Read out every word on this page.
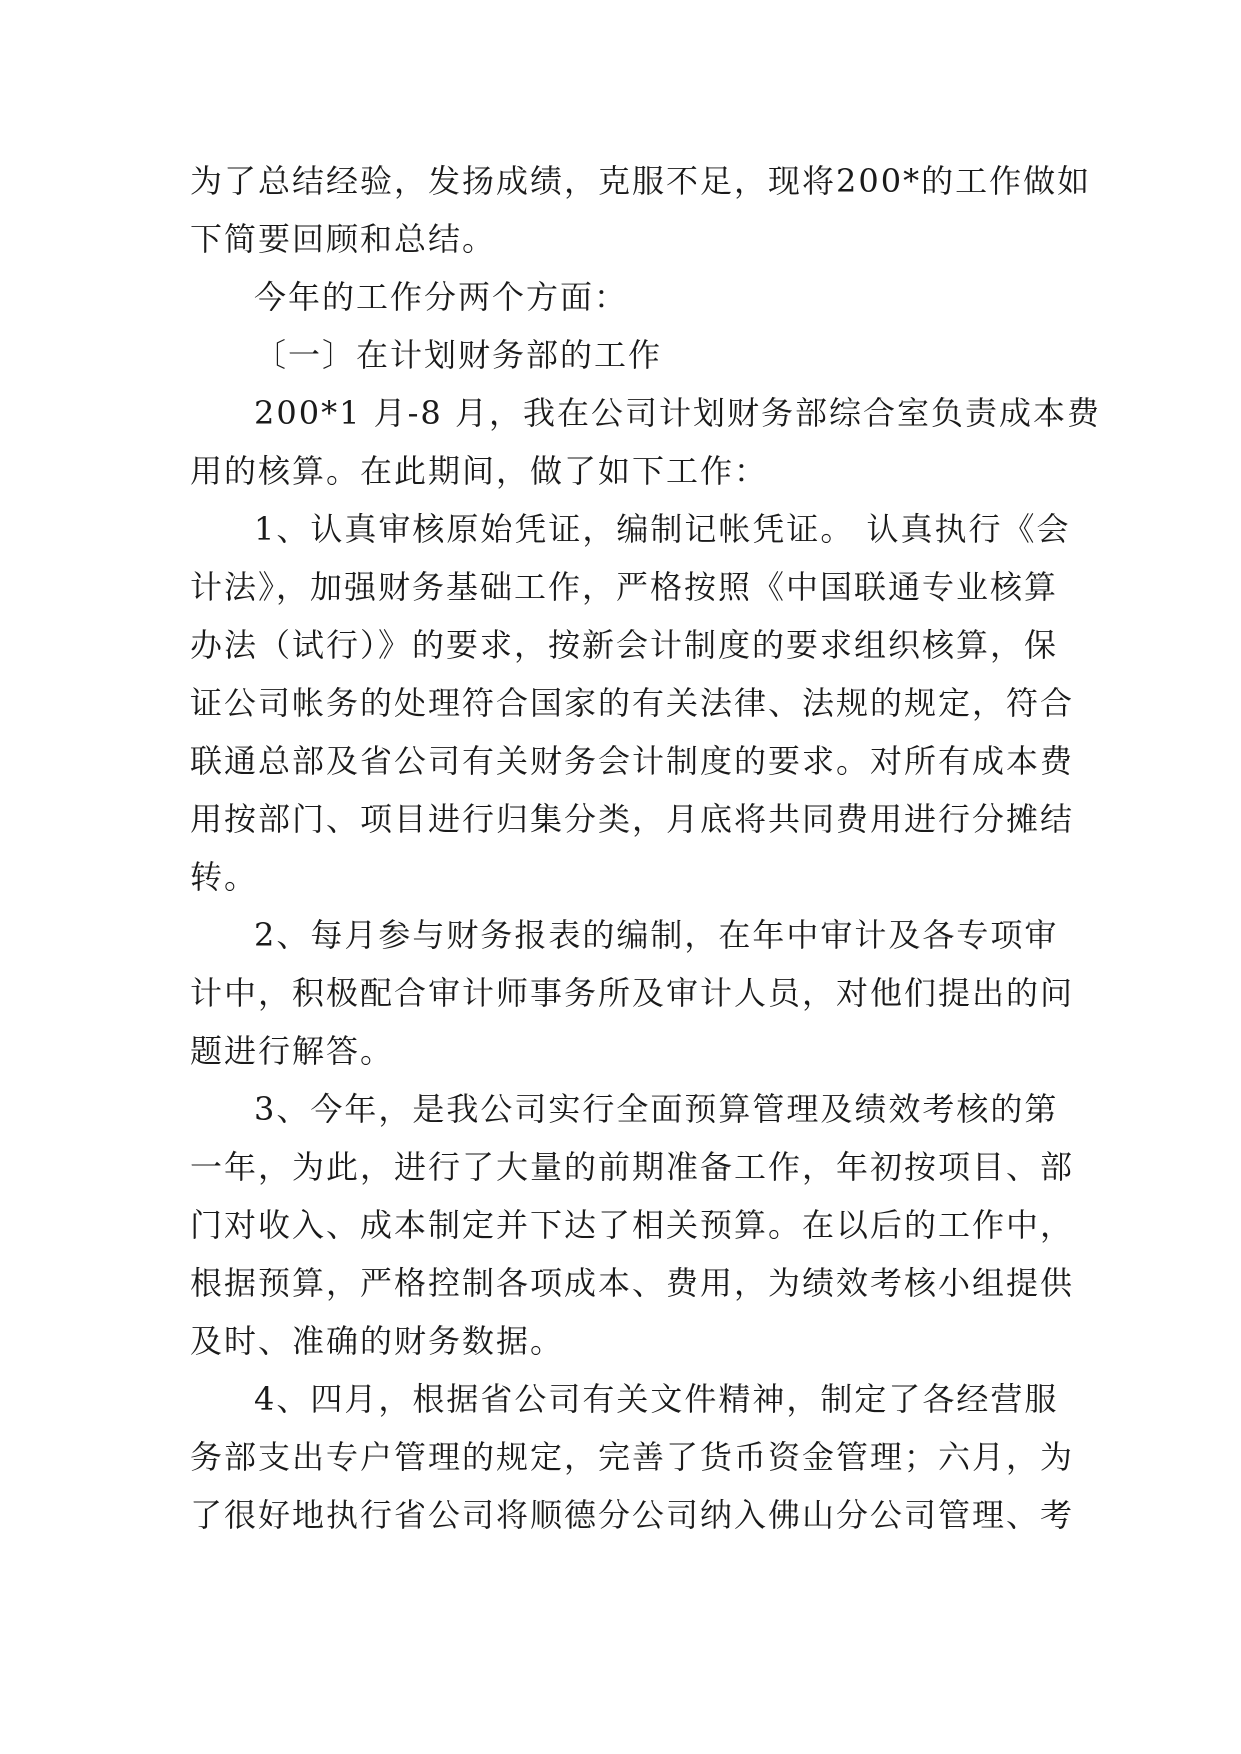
为了总结经验，发扬成绩，克服不足，现将200*的工作做如
下简要回顾和总结。
今年的工作分两个方面：
〔一〕在计划财务部的工作
200*1 月-8 月，我在公司计划财务部综合室负责成本费
用的核算。在此期间，做了如下工作：
1、认真审核原始凭证，编制记帐凭证。 认真执行《会
计法》，加强财务基础工作，严格按照《中国联通专业核算
办法（试行）》的要求，按新会计制度的要求组织核算，保
证公司帐务的处理符合国家的有关法律、法规的规定，符合
联通总部及省公司有关财务会计制度的要求。对所有成本费
用按部门、项目进行归集分类，月底将共同费用进行分摊结
转。
2、每月参与财务报表的编制，在年中审计及各专项审
计中，积极配合审计师事务所及审计人员，对他们提出的问
题进行解答。
3、今年，是我公司实行全面预算管理及绩效考核的第
一年，为此，进行了大量的前期准备工作，年初按项目、部
门对收入、成本制定并下达了相关预算。在以后的工作中，
根据预算，严格控制各项成本、费用，为绩效考核小组提供
及时、准确的财务数据。
4、四月，根据省公司有关文件精神，制定了各经营服
务部支出专户管理的规定，完善了货币资金管理；六月，为
了很好地执行省公司将顺德分公司纳入佛山分公司管理、考
